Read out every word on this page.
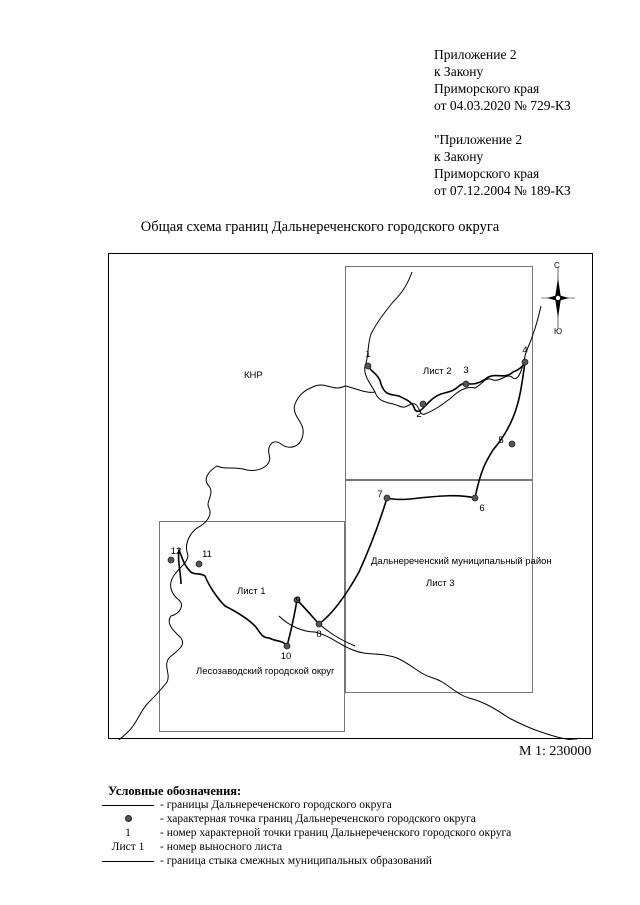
Приложение 2
к Закону
Приморского края
от 04.03.2020 № 729-КЗ
"Приложение 2
к Закону
Приморского края
от 07.12.2004 № 189-КЗ
Общая схема границ Дальнереченского городского округа
С
Ю
КНР	Лист 2
Лист 1
Лист 3
Дальнереченский муниципальный район
Лесозаводский городской округ
1
2
3
4
5
6
7
8
9
10
11
12
М 1: 230000
Условные обозначения:
- границы Дальнереченского городского округа
- характерная точка границ Дальнереченского городского округа
1	- номер характерной точки границ Дальнереченского городского округа
Лист 1	- номер выносного листа
- граница стыка смежных муниципальных образований
